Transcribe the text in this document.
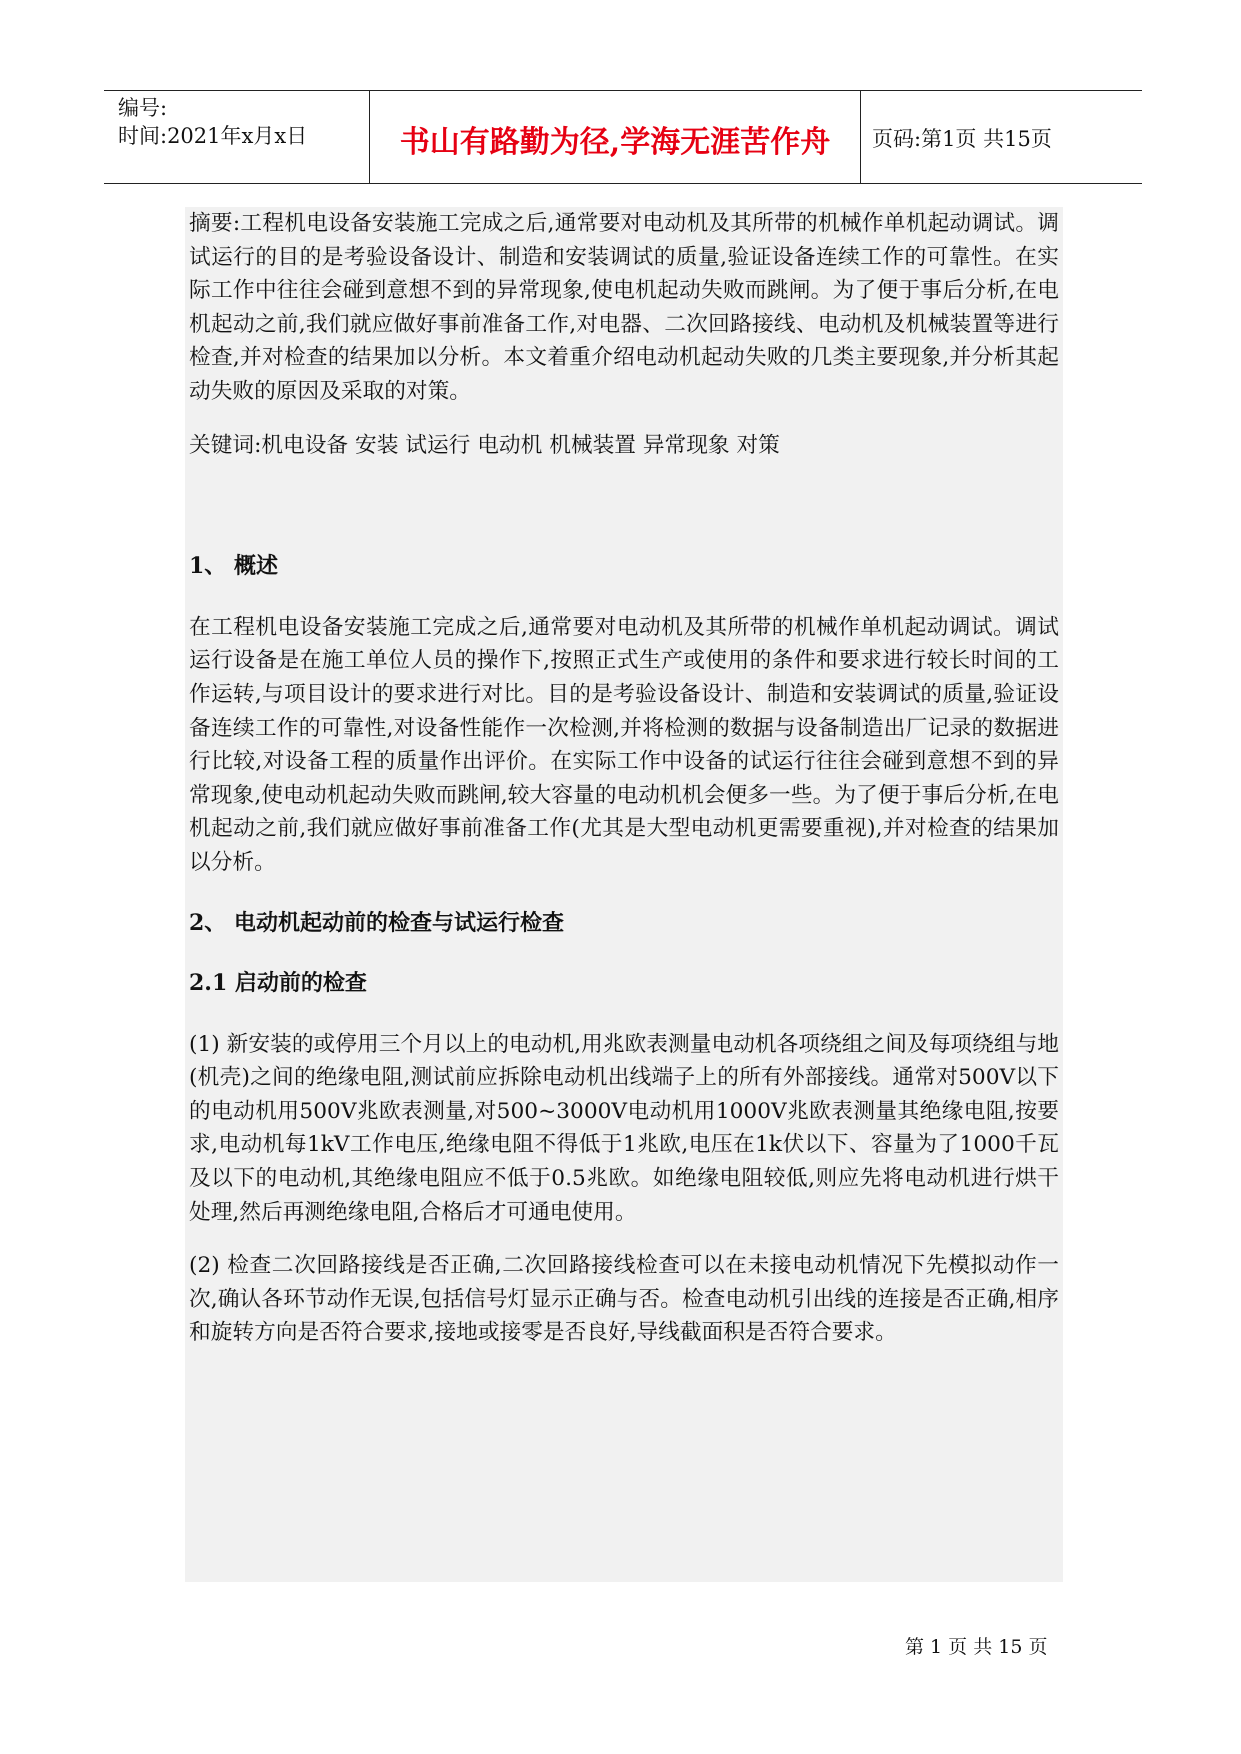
编号:
时间:2021年x月x日	书山有路勤为径,学海无涯苦作舟	页码:第1页 共15页

摘要:工程机电设备安装施工完成之后,通常要对电动机及其所带的机械作单机起动调试。调试运行的目的是考验设备设计、制造和安装调试的质量,验证设备连续工作的可靠性。在实际工作中往往会碰到意想不到的异常现象,使电机起动失败而跳闸。为了便于事后分析,在电机起动之前,我们就应做好事前准备工作,对电器、二次回路接线、电动机及机械装置等进行检查,并对检查的结果加以分析。本文着重介绍电动机起动失败的几类主要现象,并分析其起动失败的原因及采取的对策。

关键词:机电设备 安装 试运行 电动机 机械装置 异常现象 对策

1、 概述

在工程机电设备安装施工完成之后,通常要对电动机及其所带的机械作单机起动调试。调试运行设备是在施工单位人员的操作下,按照正式生产或使用的条件和要求进行较长时间的工作运转,与项目设计的要求进行对比。目的是考验设备设计、制造和安装调试的质量,验证设备连续工作的可靠性,对设备性能作一次检测,并将检测的数据与设备制造出厂记录的数据进行比较,对设备工程的质量作出评价。在实际工作中设备的试运行往往会碰到意想不到的异常现象,使电动机起动失败而跳闸,较大容量的电动机机会便多一些。为了便于事后分析,在电机起动之前,我们就应做好事前准备工作(尤其是大型电动机更需要重视),并对检查的结果加以分析。

2、 电动机起动前的检查与试运行检查
2.1 启动前的检查

(1) 新安装的或停用三个月以上的电动机,用兆欧表测量电动机各项绕组之间及每项绕组与地(机壳)之间的绝缘电阻,测试前应拆除电动机出线端子上的所有外部接线。通常对500V以下的电动机用500V兆欧表测量,对500~3000V电动机用1000V兆欧表测量其绝缘电阻,按要求,电动机每1kV工作电压,绝缘电阻不得低于1兆欧,电压在1k伏以下、容量为了1000千瓦及以下的电动机,其绝缘电阻应不低于0.5兆欧。如绝缘电阻较低,则应先将电动机进行烘干处理,然后再测绝缘电阻,合格后才可通电使用。

(2) 检查二次回路接线是否正确,二次回路接线检查可以在未接电动机情况下先模拟动作一次,确认各环节动作无误,包括信号灯显示正确与否。检查电动机引出线的连接是否正确,相序和旋转方向是否符合要求,接地或接零是否良好,导线截面积是否符合要求。

第 1 页 共 15 页
